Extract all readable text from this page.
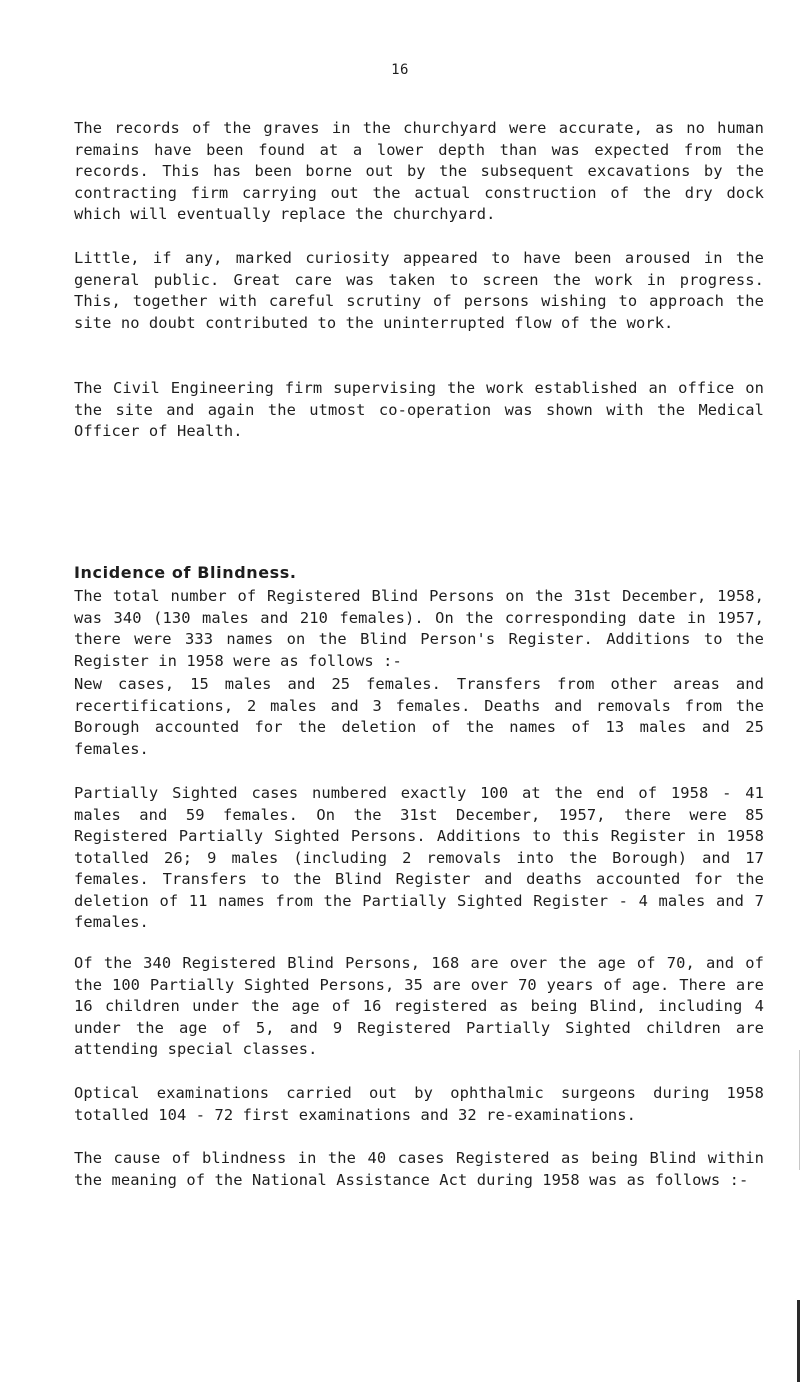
16

The records of the graves in the churchyard were accurate, as no human remains have been found at a lower depth than was expected from the records. This has been borne out by the subsequent excavations by the contracting firm carrying out the actual construction of the dry dock which will eventually replace the churchyard.

Little, if any, marked curiosity appeared to have been aroused in the general public. Great care was taken to screen the work in progress. This, together with careful scrutiny of persons wishing to approach the site no doubt contributed to the uninterrupted flow of the work.

The Civil Engineering firm supervising the work established an office on the site and again the utmost co-operation was shown with the Medical Officer of Health.

Incidence of Blindness.

The total number of Registered Blind Persons on the 31st December, 1958, was 340 (130 males and 210 females). On the corresponding date in 1957, there were 333 names on the Blind Person's Register. Additions to the Register in 1958 were as follows :-

New cases, 15 males and 25 females. Transfers from other areas and recertifications, 2 males and 3 females. Deaths and removals from the Borough accounted for the deletion of the names of 13 males and 25 females.

Partially Sighted cases numbered exactly 100 at the end of 1958 - 41 males and 59 females. On the 31st December, 1957, there were 85 Registered Partially Sighted Persons. Additions to this Register in 1958 totalled 26; 9 males (including 2 removals into the Borough) and 17 females. Transfers to the Blind Register and deaths accounted for the deletion of 11 names from the Partially Sighted Register - 4 males and 7 females.

Of the 340 Registered Blind Persons, 168 are over the age of 70, and of the 100 Partially Sighted Persons, 35 are over 70 years of age. There are 16 children under the age of 16 registered as being Blind, including 4 under the age of 5, and 9 Registered Partially Sighted children are attending special classes.

Optical examinations carried out by ophthalmic surgeons during 1958 totalled 104 - 72 first examinations and 32 re-examinations.

The cause of blindness in the 40 cases Registered as being Blind within the meaning of the National Assistance Act during 1958 was as follows :-
